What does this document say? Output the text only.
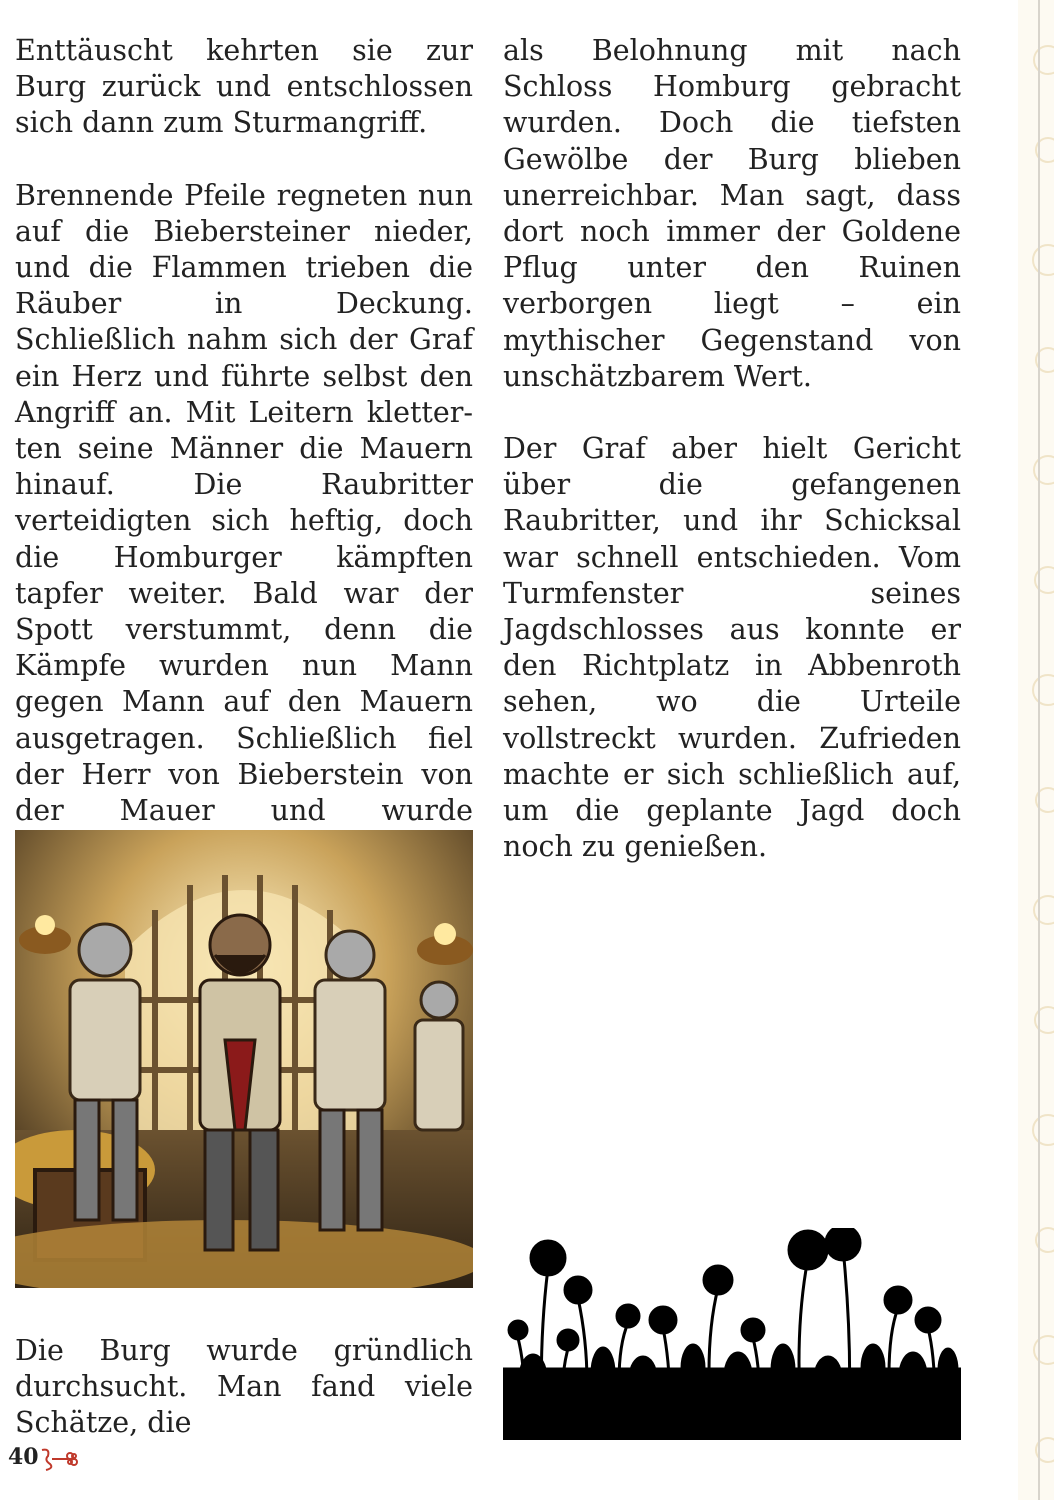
Enttäuscht kehrten sie zur Burg zurück und entschlossen sich dann zum Sturmangriff.

Brennende Pfeile regneten nun auf die Biebersteiner nieder, und die Flammen trieben die Räuber in Deckung. Schließlich nahm sich der Graf ein Herz und führte selbst den Angriff an. Mit Leitern kletterten seine Männer die Mauern hinauf. Die Raubritter verteidigten sich heftig, doch die Homburger kämpften tapfer weiter. Bald war der Spott verstummt, denn die Kämpfe wurden nun Mann gegen Mann auf den Mauern ausgetragen. Schließlich fiel der Herr von Bieberstein von der Mauer und wurde

als Belohnung mit nach Schloss Homburg gebracht wurden. Doch die tiefsten Gewölbe der Burg blieben unerreichbar. Man sagt, dass dort noch immer der Goldene Pflug unter den Ruinen verborgen liegt – ein mythischer Gegenstand von unschätzbarem Wert.

Der Graf aber hielt Gericht über die gefangenen Raubritter, und ihr Schicksal war schnell entschieden. Vom Turmfenster seines Jagdschlosses aus konnte er den Richtplatz in Abbenroth sehen, wo die Urteile vollstreckt wurden. Zufrieden machte er sich schließlich auf, um die geplante Jagd doch noch zu genießen.

Die Burg wurde gründlich durchsucht. Man fand viele Schätze, die

40
